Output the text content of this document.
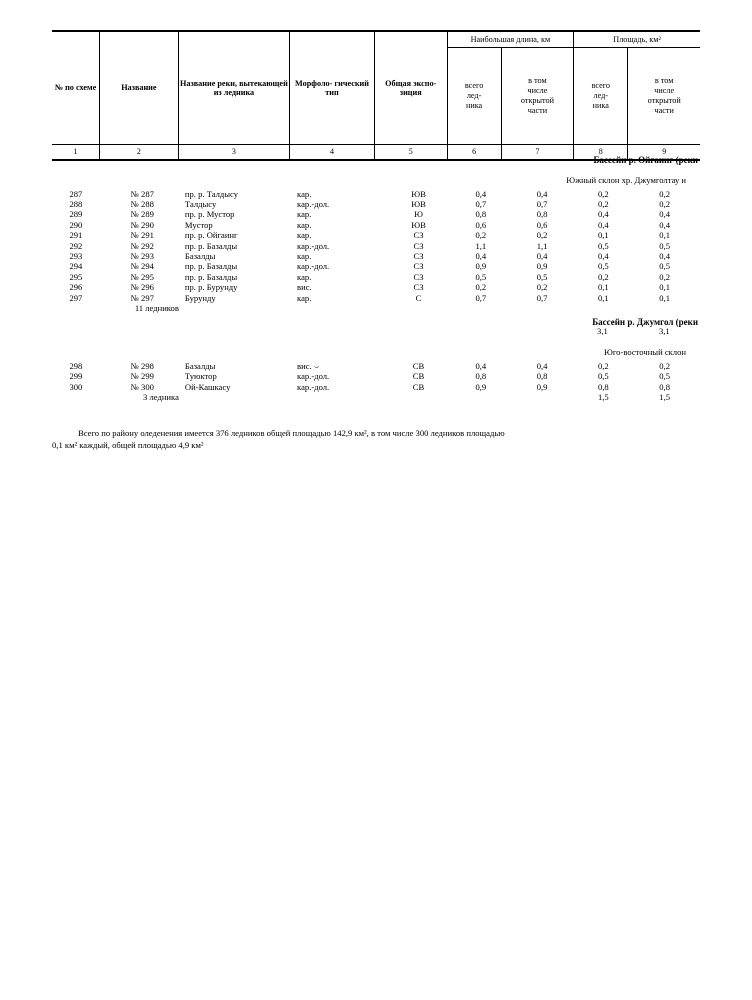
№ по схеме	Название	Название реки, вытекающей из ледника	Морфоло- гический тип	Общая экспо- зиция	Наибольшая длина, км		Площадь, км²	

					всего
лед-
ника	в том
числе
открытой
части	всего
лед-
ника	в том
числе
открытой
части

1	2	3	4	5	6	7	8	9
Бассейн р. Ойгаинг (реки
Южный склон хр. Джумголтау и
287	№ 287	пр. р. Талдысу	кар.	ЮВ	0,4	0,4	0,2	0,2
288	№ 288	Талдысу	кар.-дол.	ЮВ	0,7	0,7	0,2	0,2
289	№ 289	пр. р. Мустор	кар.	Ю	0,8	0,8	0,4	0,4
290	№ 290	Мустор	кар.	ЮВ	0,6	0,6	0,4	0,4
291	№ 291	пр. р. Ойгаинг	кар.	СЗ	0,2	0,2	0,1	0,1
292	№ 292	пр. р. Базалды	кар.-дол.	СЗ	1,1	1,1	0,5	0,5
293	№ 293	Базалды	кар.	СЗ	0,4	0,4	0,4	0,4
294	№ 294	пр. р. Базалды	кар.-дол.	СЗ	0,9	0,9	0,5	0,5
295	№ 295	пр. р. Базалды	кар.	СЗ	0,5	0,5	0,2	0,2
296	№ 296	пр. р. Бурунду	вис.	СЗ	0,2	0,2	0,1	0,1
297	№ 297	Бурунду	кар.	С	0,7	0,7	0,1	0,1
	11 ледников							
Бассейн р. Джумгол (реки
							3,1	3,1
Юго-восточный склон
298	№ 298	Базалды	вис. ⌣	СВ	0,4	0,4	0,2	0,2
299	№ 299	Туюктор	кар.-дол.	СВ	0,8	0,8	0,5	0,5
300	№ 300	Ой-Кашкасу	кар.-дол.	СВ	0,9	0,9	0,8	0,8
	3 ледника						1,5	1,5
Всего по району оледенения имеется 376 ледников общей площадью 142,9 км², в том числе 300 ледников площадью
0,1 км² каждый, общей площадью 4,9 км²
